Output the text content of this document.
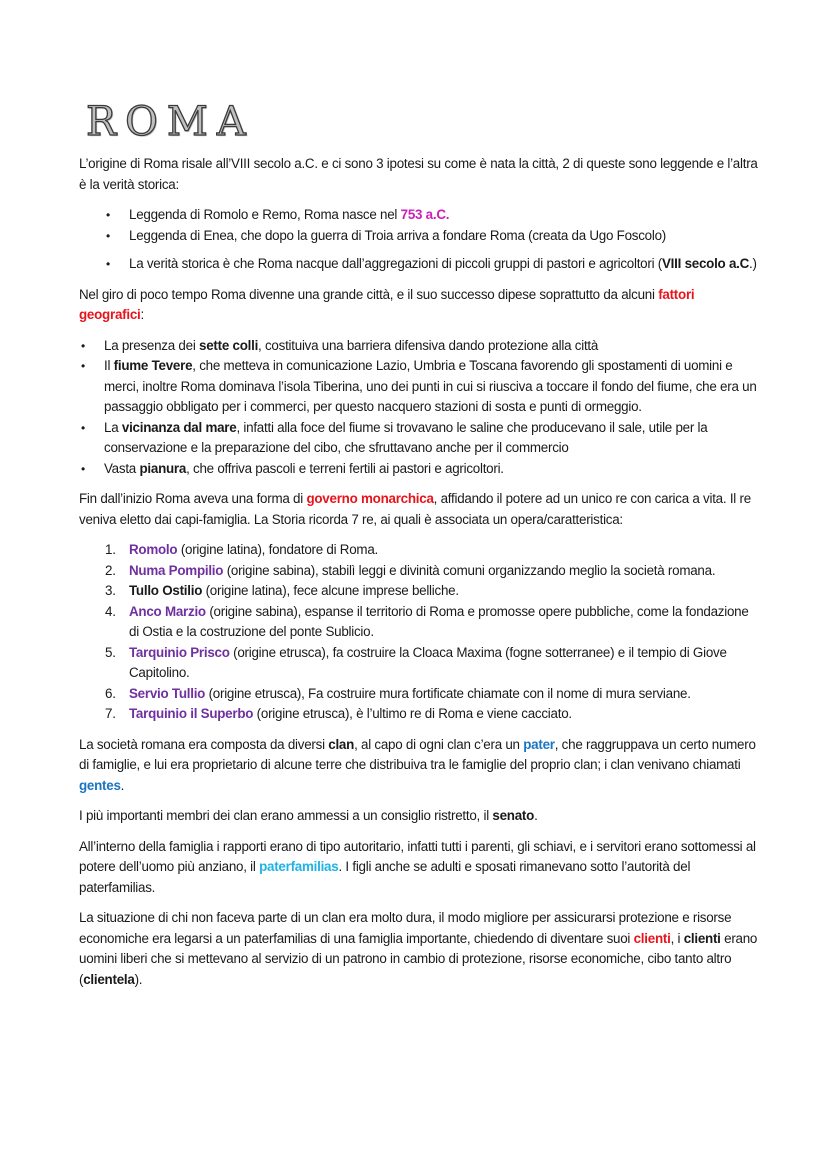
ROMA

L’origine di Roma risale all’VIII secolo a.C. e ci sono 3 ipotesi su come è nata la città, 2 di queste sono leggende e l’altra è la verità storica:

• Leggenda di Romolo e Remo, Roma nasce nel 753 a.C.
• Leggenda di Enea, che dopo la guerra di Troia arriva a fondare Roma (creata da Ugo Foscolo)
• La verità storica è che Roma nacque dall’aggregazioni di piccoli gruppi di pastori e agricoltori (VIII secolo a.C.)

Nel giro di poco tempo Roma divenne una grande città, e il suo successo dipese soprattutto da alcuni fattori geografici:

• La presenza dei sette colli, costituiva una barriera difensiva dando protezione alla città
• Il fiume Tevere, che metteva in comunicazione Lazio, Umbria e Toscana favorendo gli spostamenti di uomini e merci, inoltre Roma dominava l’isola Tiberina, uno dei punti in cui si riusciva a toccare il fondo del fiume, che era un passaggio obbligato per i commerci, per questo nacquero stazioni di sosta e punti di ormeggio.
• La vicinanza dal mare, infatti alla foce del fiume si trovavano le saline che producevano il sale, utile per la conservazione e la preparazione del cibo, che sfruttavano anche per il commercio
• Vasta pianura, che offriva pascoli e terreni fertili ai pastori e agricoltori.

Fin dall’inizio Roma aveva una forma di governo monarchica, affidando il potere ad un unico re con carica a vita. Il re veniva eletto dai capi-famiglia. La Storia ricorda 7 re, ai quali è associata un opera/caratteristica:

1. Romolo (origine latina), fondatore di Roma.
2. Numa Pompilio (origine sabina), stabilì leggi e divinità comuni organizzando meglio la società romana.
3. Tullo Ostilio (origine latina), fece alcune imprese belliche.
4. Anco Marzio (origine sabina), espanse il territorio di Roma e promosse opere pubbliche, come la fondazione di Ostia e la costruzione del ponte Sublicio.
5. Tarquinio Prisco (origine etrusca), fa costruire la Cloaca Maxima (fogne sotterranee) e il tempio di Giove Capitolino.
6. Servio Tullio (origine etrusca), Fa costruire mura fortificate chiamate con il nome di mura serviane.
7. Tarquinio il Superbo (origine etrusca), è l’ultimo re di Roma e viene cacciato.

La società romana era composta da diversi clan, al capo di ogni clan c’era un pater, che raggruppava un certo numero di famiglie, e lui era proprietario di alcune terre che distribuiva tra le famiglie del proprio clan; i clan venivano chiamati gentes.

I più importanti membri dei clan erano ammessi a un consiglio ristretto, il senato.

All’interno della famiglia i rapporti erano di tipo autoritario, infatti tutti i parenti, gli schiavi, e i servitori erano sottomessi al potere dell’uomo più anziano, il paterfamilias. I figli anche se adulti e sposati rimanevano sotto l’autorità del paterfamilias.

La situazione di chi non faceva parte di un clan era molto dura, il modo migliore per assicurarsi protezione e risorse economiche era legarsi a un paterfamilias di una famiglia importante, chiedendo di diventare suoi clienti, i clienti erano uomini liberi che si mettevano al servizio di un patrono in cambio di protezione, risorse economiche, cibo tanto altro (clientela).
